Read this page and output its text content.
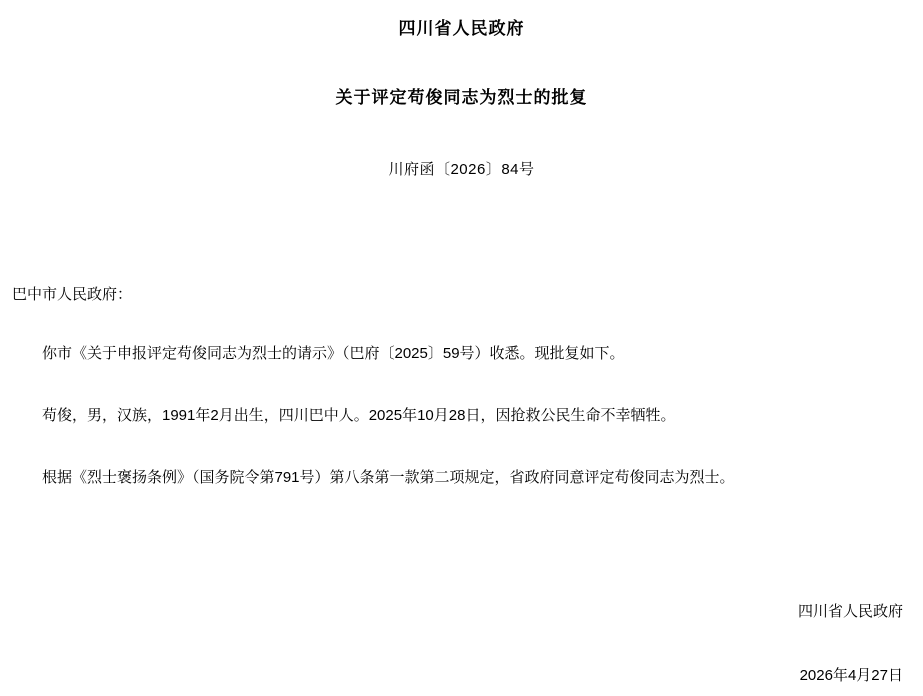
四川省人民政府
关于评定苟俊同志为烈士的批复
川府函〔2026〕84号
巴中市人民政府：
你市《关于申报评定苟俊同志为烈士的请示》（巴府〔2025〕59号）收悉。现批复如下。
苟俊，男，汉族，1991年2月出生，四川巴中人。2025年10月28日，因抢救公民生命不幸牺牲。
根据《烈士褒扬条例》（国务院令第791号）第八条第一款第二项规定，省政府同意评定苟俊同志为烈士。
四川省人民政府
2026年4月27日
